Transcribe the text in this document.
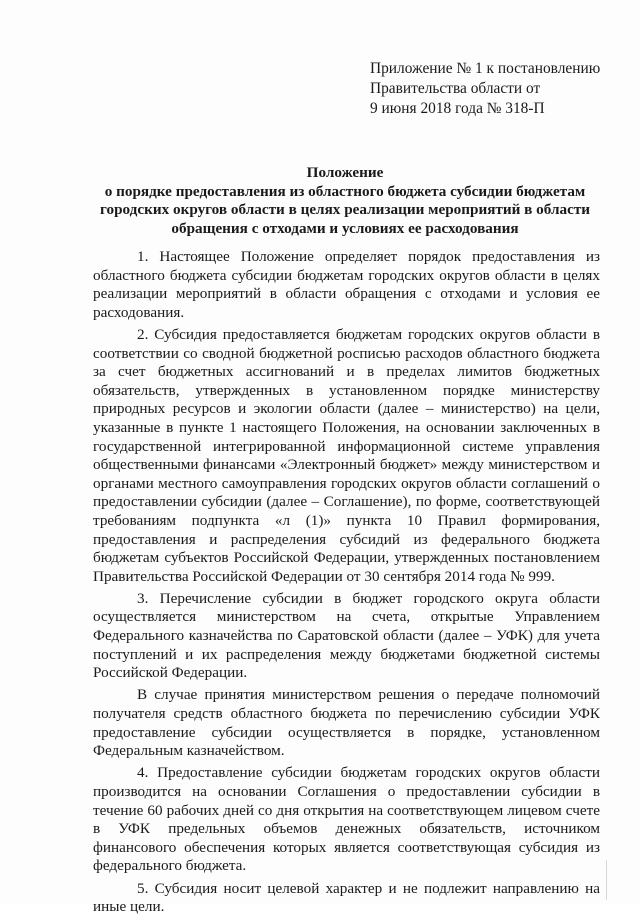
Приложение № 1 к постановлению
Правительства области от
9 июня 2018 года № 318-П
Положение
о порядке предоставления из областного бюджета субсидии бюджетам
городских округов области в целях реализации мероприятий в области
обращения с отходами и условиях ее расходования

1. Настоящее Положение определяет порядок предоставления из областного бюджета субсидии бюджетам городских округов области в целях реализации мероприятий в области обращения с отходами и условия ее расходования.

2. Субсидия предоставляется бюджетам городских округов области в соответствии со сводной бюджетной росписью расходов областного бюджета за счет бюджетных ассигнований и в пределах лимитов бюджетных обязательств, утвержденных в установленном порядке министерству природных ресурсов и экологии области (далее – министерство) на цели, указанные в пункте 1 настоящего Положения, на основании заключенных в государственной интегрированной информационной системе управления общественными финансами «Электронный бюджет» между министерством и органами местного самоуправления городских округов области соглашений о предоставлении субсидии (далее – Соглашение), по форме, соответствующей требованиям подпункта «л (1)» пункта 10 Правил формирования, предоставления и распределения субсидий из федерального бюджета бюджетам субъектов Российской Федерации, утвержденных постановлением Правительства Российской Федерации от 30 сентября 2014 года № 999.

3. Перечисление субсидии в бюджет городского округа области осуществляется министерством на счета, открытые Управлением Федерального казначейства по Саратовской области (далее – УФК) для учета поступлений и их распределения между бюджетами бюджетной системы Российской Федерации.

В случае принятия министерством решения о передаче полномочий получателя средств областного бюджета по перечислению субсидии УФК предоставление субсидии осуществляется в порядке, установленном Федеральным казначейством.

4. Предоставление субсидии бюджетам городских округов области производится на основании Соглашения о предоставлении субсидии в течение 60 рабочих дней со дня открытия на соответствующем лицевом счете в УФК предельных объемов денежных обязательств, источником финансового обеспечения которых является соответствующая субсидия из федерального бюджета.

5. Субсидия носит целевой характер и не подлежит направлению на иные цели.
